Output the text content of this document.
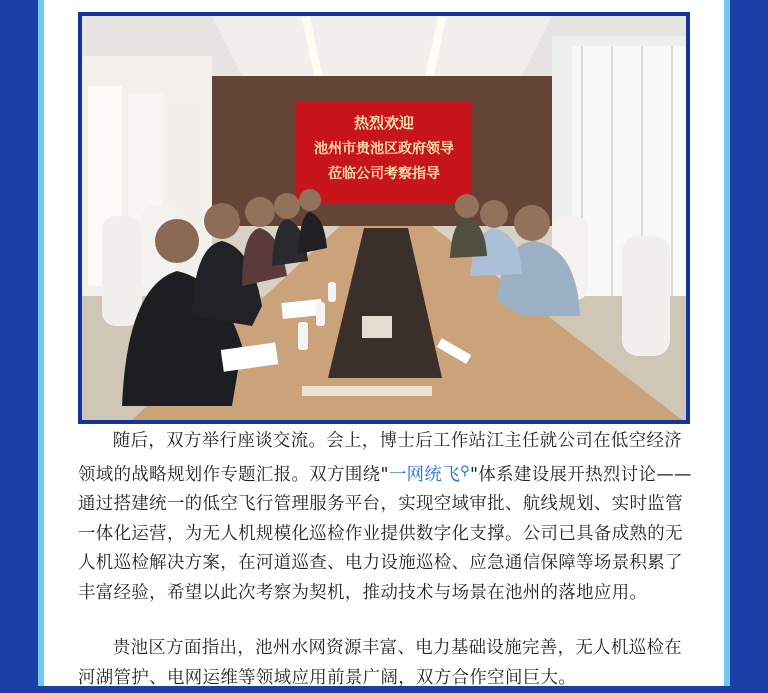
热烈欢迎
池州市贵池区政府领导
莅临公司考察指导

随后，双方举行座谈交流。会上，博士后工作站江主任就公司在低空经济领域的战略规划作专题汇报。双方围绕"一网统飞⚲"体系建设展开热烈讨论——通过搭建统一的低空飞行管理服务平台，实现空域审批、航线规划、实时监管一体化运营，为无人机规模化巡检作业提供数字化支撑。公司已具备成熟的无人机巡检解决方案，在河道巡查、电力设施巡检、应急通信保障等场景积累了丰富经验，希望以此次考察为契机，推动技术与场景在池州的落地应用。

贵池区方面指出，池州水网资源丰富、电力基础设施完善，无人机巡检在河湖管护、电网运维等领域应用前景广阔，双方合作空间巨大。
